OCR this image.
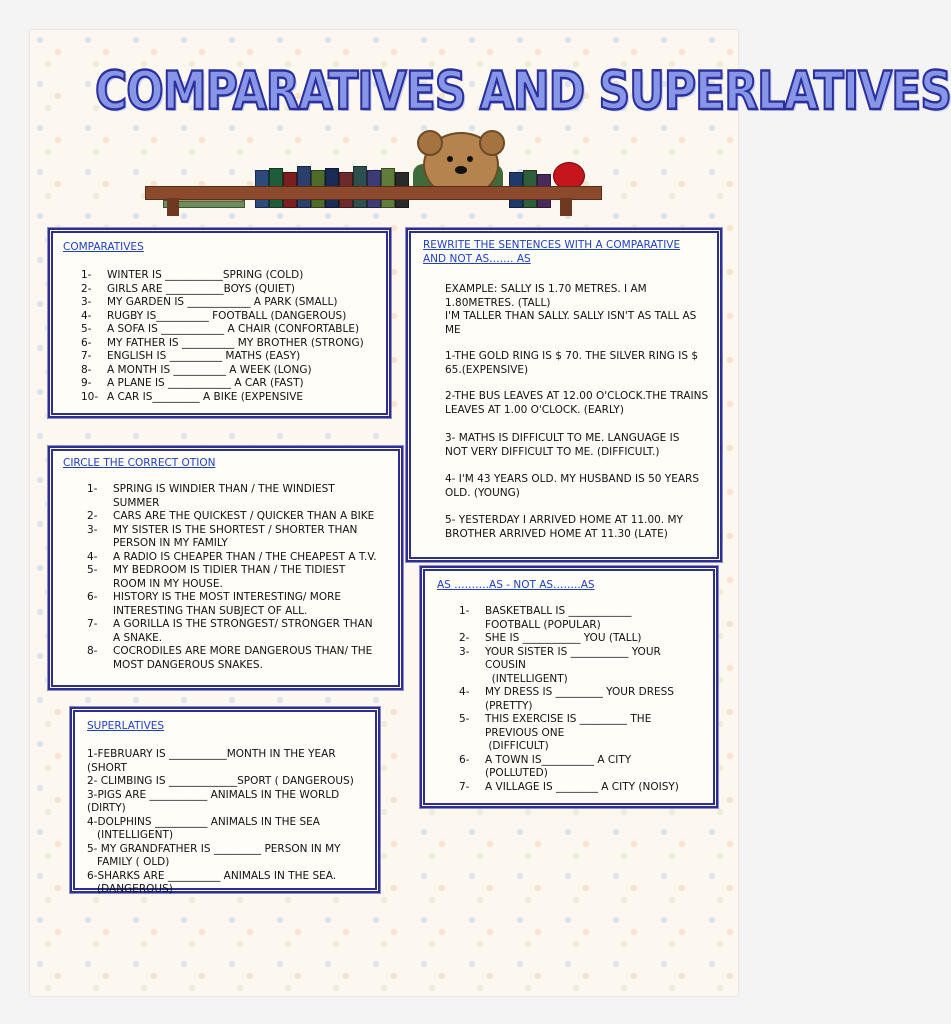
COMPARATIVES AND SUPERLATIVES
COMPARATIVES
1- WINTER IS ___________SPRING (COLD)
2- GIRLS ARE ___________BOYS (QUIET)
3- MY GARDEN IS ____________ A PARK (SMALL)
4- RUGBY IS__________ FOOTBALL (DANGEROUS)
5- A SOFA IS ____________ A CHAIR (CONFORTABLE)
6- MY FATHER IS __________ MY BROTHER (STRONG)
7- ENGLISH IS __________ MATHS (EASY)
8- A MONTH IS __________ A WEEK (LONG)
9- A PLANE IS ____________ A CAR (FAST)
10- A CAR IS_________ A BIKE (EXPENSIVE
REWRITE THE SENTENCES WITH A COMPARATIVE
AND NOT AS……. AS
EXAMPLE: SALLY IS 1.70 METRES. I AM
1.80METRES. (TALL)
I'M TALLER THAN SALLY. SALLY ISN'T AS TALL AS
ME
1-THE GOLD RING IS $ 70. THE SILVER RING IS $
65.(EXPENSIVE)
2-THE BUS LEAVES AT 12.00 O'CLOCK.THE TRAINS
LEAVES AT 1.00 O'CLOCK. (EARLY)
3- MATHS IS DIFFICULT TO ME. LANGUAGE IS
NOT VERY DIFFICULT TO ME. (DIFFICULT.)
4- I'M 43 YEARS OLD. MY HUSBAND IS 50 YEARS
OLD. (YOUNG)
5- YESTERDAY I ARRIVED HOME AT 11.00. MY
BROTHER ARRIVED HOME AT 11.30 (LATE)
CIRCLE THE CORRECT OTION
1- SPRING IS WINDIER THAN / THE WINDIEST
SUMMER
2- CARS ARE THE QUICKEST / QUICKER THAN A BIKE
3- MY SISTER IS THE SHORTEST / SHORTER THAN
PERSON IN MY FAMILY
4- A RADIO IS CHEAPER THAN / THE CHEAPEST A T.V.
5- MY BEDROOM IS TIDIER THAN / THE TIDIEST
ROOM IN MY HOUSE.
6- HISTORY IS THE MOST INTERESTING/ MORE
INTERESTING THAN SUBJECT OF ALL.
7- A GORILLA IS THE STRONGEST/ STRONGER THAN
A SNAKE.
8- COCRODILES ARE MORE DANGEROUS THAN/ THE
MOST DANGEROUS SNAKES.
AS ……….AS - NOT AS……..AS
1- BASKETBALL IS ____________
FOOTBALL (POPULAR)
2- SHE IS ___________ YOU (TALL)
3- YOUR SISTER IS ___________ YOUR
COUSIN
(INTELLIGENT)
4- MY DRESS IS _________ YOUR DRESS
(PRETTY)
5- THIS EXERCISE IS _________ THE
PREVIOUS ONE
(DIFFICULT)
6- A TOWN IS__________ A CITY
(POLLUTED)
7- A VILLAGE IS ________ A CITY (NOISY)
SUPERLATIVES
1-FEBRUARY IS ___________MONTH IN THE YEAR
(SHORT
2- CLIMBING IS _____________SPORT ( DANGEROUS)
3-PIGS ARE ___________ ANIMALS IN THE WORLD
(DIRTY)
4-DOLPHINS __________ ANIMALS IN THE SEA
(INTELLIGENT)
5- MY GRANDFATHER IS _________ PERSON IN MY
FAMILY ( OLD)
6-SHARKS ARE __________ ANIMALS IN THE SEA.
(DANGEROUS)
